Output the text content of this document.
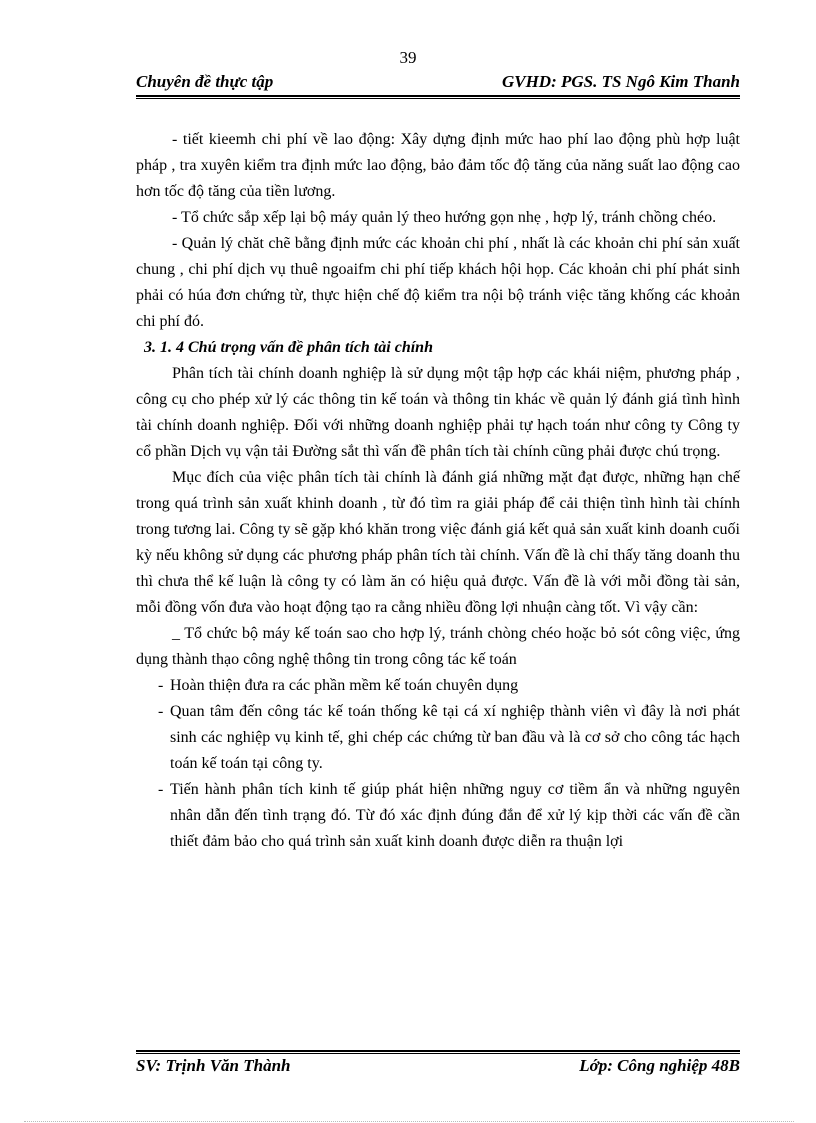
39
Chuyên đề thực tập	GVHD: PGS. TS Ngô Kim Thanh

- tiết kieemh chi phí về lao động: Xây dựng định mức hao phí lao động phù hợp luật pháp , tra xuyên kiểm tra định mức lao động, bảo đảm tốc độ tăng của năng suất lao động cao hơn tốc độ tăng của tiền lương.

- Tổ chức sắp xếp lại bộ máy quản lý theo hướng gọn nhẹ , hợp lý, tránh chồng chéo.

- Quản lý chăt chẽ bằng định mức các khoản chi phí , nhất là các khoản chi phí sản xuất chung , chi phí dịch vụ thuê ngoaifm chi phí tiếp khách hội họp. Các khoản chi phí phát sinh phải có húa đơn chứng từ, thực hiện chế độ kiểm tra nội bộ tránh việc tăng khống các khoản chi phí đó.

3. 1. 4 Chú trọng vấn đề phân tích tài chính

Phân tích tài chính doanh nghiệp là sử dụng một tập hợp các khái niệm, phương pháp , công cụ cho phép xử lý các thông tin kế toán và thông tin khác về quản lý đánh giá tình hình tài chính doanh nghiệp. Đối với những doanh nghiệp phải tự hạch toán như công ty Công ty cổ phần Dịch vụ vận tải Đường sắt thì vấn đề phân tích tài chính cũng phải được chú trọng.

Mục đích của việc phân tích tài chính là đánh giá những mặt đạt được, những hạn chế trong quá trình sản xuất khinh doanh , từ đó tìm ra giải pháp để cải thiện tình hình tài chính trong tương lai. Công ty sẽ gặp khó khăn trong việc đánh giá kết quả sản xuất kinh doanh cuối kỳ nếu không sử dụng các phương pháp phân tích tài chính. Vấn đề là chỉ thấy tăng doanh thu thì chưa thể kế luận là công ty có làm ăn có hiệu quả được. Vấn đề là với mỗi đồng tài sản, mỗi đồng vốn đưa vào hoạt động tạo ra cằng nhiều đồng lợi nhuận càng tốt. Vì vậy cần:

_ Tổ chức bộ máy kế toán sao cho hợp lý, tránh chòng chéo hoặc bỏ sót công việc, ứng dụng thành thạo công nghệ thông tin trong công tác kế toán

- Hoàn thiện đưa ra các phần mềm kế toán chuyên dụng
- Quan tâm đến công tác kế toán thống kê tại cá xí nghiệp thành viên vì đây là nơi phát sinh các nghiệp vụ kinh tế, ghi chép các chứng từ ban đầu và là cơ sở cho công tác hạch toán kế toán tại công ty.
- Tiến hành phân tích kinh tế giúp phát hiện những nguy cơ tiềm ẩn và những nguyên nhân dẫn đến tình trạng đó. Từ đó xác định đúng đắn để xử lý kịp thời các vấn đề cần thiết đảm bảo cho quá trình sản xuất kinh doanh được diễn ra thuận lợi
SV: Trịnh Văn Thành	Lớp: Công nghiệp 48B
